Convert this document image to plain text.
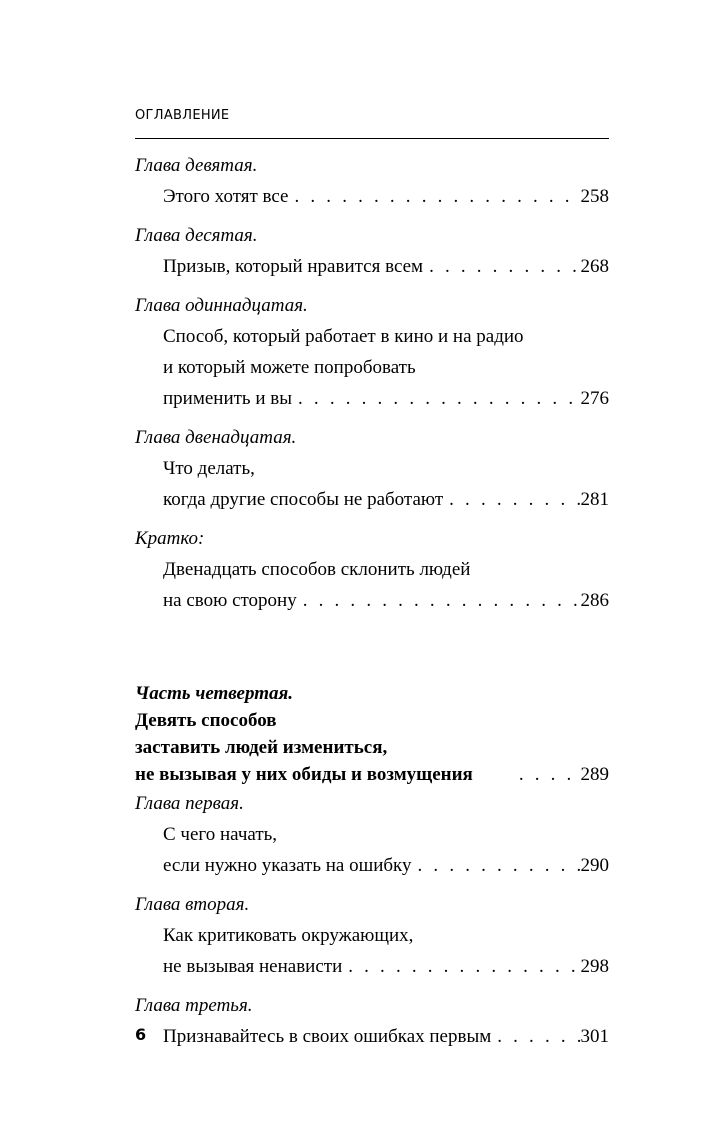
ОГЛАВЛЕНИЕ
Глава девятая.
Этого хотят все . . .	258
Глава десятая.
Призыв, который нравится всем . . .	268
Глава одиннадцатая.
Способ, который работает в кино и на радио
и который можете попробовать
применить и вы . . .	276
Глава двенадцатая.
Что делать,
когда другие способы не работают . . .	281
Кратко:
Двенадцать способов склонить людей
на свою сторону . . .	286
Часть четвертая.
Девять способов
заставить людей измениться,
не вызывая у них обиды и возмущения . . . .	289
Глава первая.
С чего начать,
если нужно указать на ошибку . . .	290
Глава вторая.
Как критиковать окружающих,
не вызывая ненависти . . .	298
Глава третья.
Признавайтесь в своих ошибках первым . . .	301
6
